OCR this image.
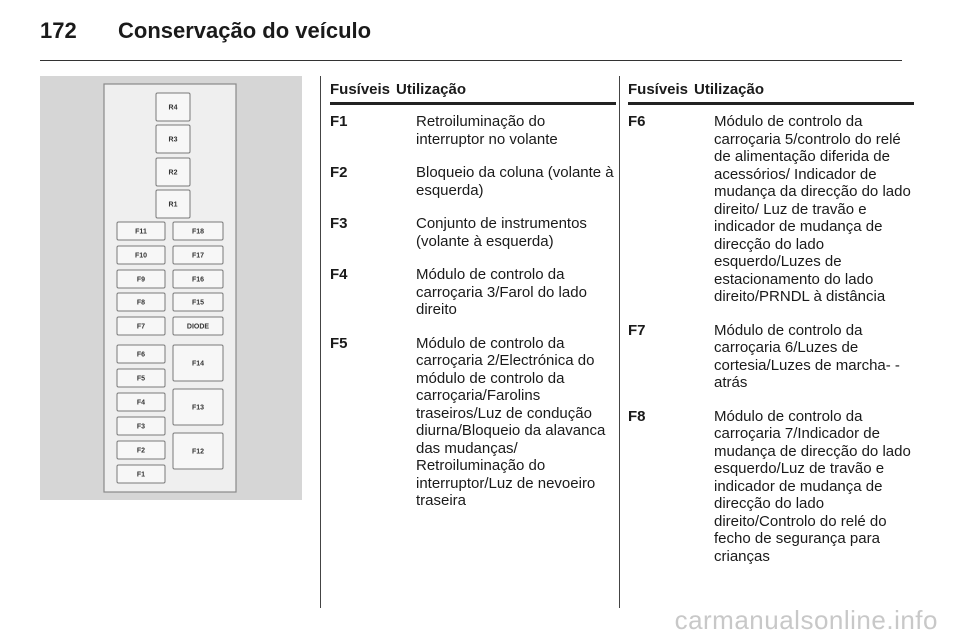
172	Conservação do veículo
R4
R3
R2
R1
F11
F10
F9
F8
F7
F6
F5
F4
F3
F2
F1
F18
F17
F16
F15
DIODE
F14
F13
F12
Fusíveis Utilização
F1	Retroiluminação do interruptor no volante
F2	Bloqueio da coluna (volante à esquerda)
F3	Conjunto de instrumentos (volante à esquerda)
F4	Módulo de controlo da carroçaria 3/Farol do lado direito
F5	Módulo de controlo da carroçaria 2/Electrónica do módulo de controlo da carroçaria/Farolins traseiros/Luz de condução diurna/Bloqueio da alavanca das mudanças/ Retroiluminação do interruptor/Luz de nevoeiro traseira
Fusíveis Utilização
F6	Módulo de controlo da carroçaria 5/controlo do relé de alimentação diferida de acessórios/ Indicador de mudança da direcção do lado direito/ Luz de travão e indicador de mudança de direcção do lado esquerdo/Luzes de estacionamento do lado direito/PRNDL à distância
F7	Módulo de controlo da carroçaria 6/Luzes de cortesia/Luzes de marcha- -atrás
F8	Módulo de controlo da carroçaria 7/Indicador de mudança de direcção do lado esquerdo/Luz de travão e indicador de mudança de direcção do lado direito/Controlo do relé do fecho de segurança para crianças
carmanualsonline.info
